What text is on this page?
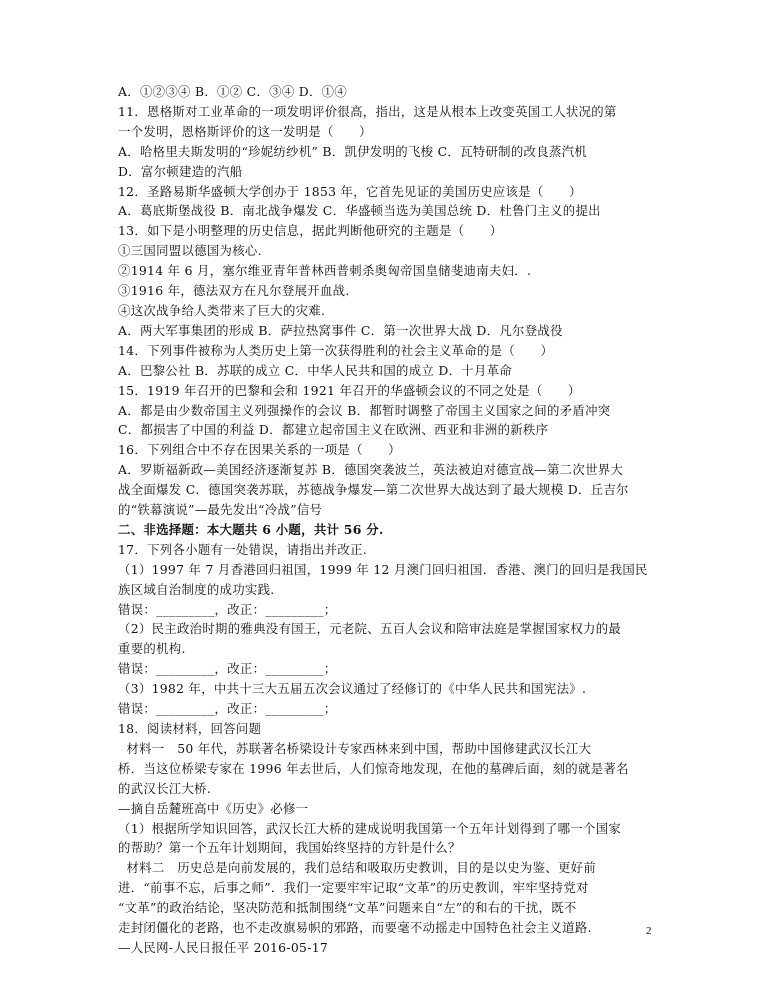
A．①②③④ B．①② C．③④ D．①④
11．恩格斯对工业革命的一项发明评价很高，指出，这是从根本上改变英国工人状况的第
一个发明，恩格斯评价的这一发明是（　　）
A．哈格里夫斯发明的“珍妮纺纱机” B．凯伊发明的飞梭 C．瓦特研制的改良蒸汽机
D．富尔顿建造的汽船
12．圣路易斯华盛顿大学创办于 1853 年，它首先见证的美国历史应该是（　　）
A．葛底斯堡战役 B．南北战争爆发 C．华盛顿当选为美国总统 D．杜鲁门主义的提出
13．如下是小明整理的历史信息，据此判断他研究的主题是（　　）
①三国同盟以德国为核心.
②1914 年 6 月，塞尔维亚青年普林西普刺杀奥匈帝国皇储斐迪南夫妇．.
③1916 年，德法双方在凡尔登展开血战.
④这次战争给人类带来了巨大的灾难.
A．两大军事集团的形成 B．萨拉热窝事件 C．第一次世界大战 D．凡尔登战役
14．下列事件被称为人类历史上第一次获得胜利的社会主义革命的是（　　）
A．巴黎公社 B．苏联的成立 C．中华人民共和国的成立 D．十月革命
15．1919 年召开的巴黎和会和 1921 年召开的华盛顿会议的不同之处是（　　）
A．都是由少数帝国主义列强操作的会议 B．都暂时调整了帝国主义国家之间的矛盾冲突
C．都损害了中国的利益 D．都建立起帝国主义在欧洲、西亚和非洲的新秩序
16．下列组合中不存在因果关系的一项是（　　）
A．罗斯福新政—美国经济逐渐复苏 B．德国突袭波兰，英法被迫对德宣战—第二次世界大
战全面爆发 C．德国突袭苏联，苏德战争爆发—第二次世界大战达到了最大规模 D．丘吉尔
的“铁幕演说”—最先发出“冷战”信号
二、非选择题：本大题共 6 小题，共计 56 分.
17．下列各小题有一处错误，请指出并改正.
（1）1997 年 7 月香港回归祖国，1999 年 12 月澳门回归祖国．香港、澳门的回归是我国民
族区域自治制度的成功实践.
错误：_________，改正：_________；
（2）民主政治时期的雅典没有国王，元老院、五百人会议和陪审法庭是掌握国家权力的最
重要的机构.
错误：_________，改正：_________；
（3）1982 年，中共十三大五届五次会议通过了经修订的《中华人民共和国宪法》.
错误：_________，改正：_________；
18．阅读材料，回答问题
材料一　50 年代，苏联著名桥梁设计专家西林来到中国，帮助中国修建武汉长江大
桥．当这位桥梁专家在 1996 年去世后，人们惊奇地发现，在他的墓碑后面，刻的就是著名
的武汉长江大桥.
—摘自岳麓班高中《历史》必修一
（1）根据所学知识回答，武汉长江大桥的建成说明我国第一个五年计划得到了哪一个国家
的帮助？第一个五年计划期间，我国始终坚持的方针是什么？
材料二　历史总是向前发展的，我们总结和吸取历史教训，目的是以史为鉴、更好前
进．“前事不忘，后事之师”．我们一定要牢牢记取“文革”的历史教训，牢牢坚持党对
“文革”的政治结论，坚决防范和抵制围绕“文革”问题来自“左”的和右的干扰，既不
走封闭僵化的老路，也不走改旗易帜的邪路，而要毫不动摇走中国特色社会主义道路.
—人民网-人民日报任平 2016-05-17
2
